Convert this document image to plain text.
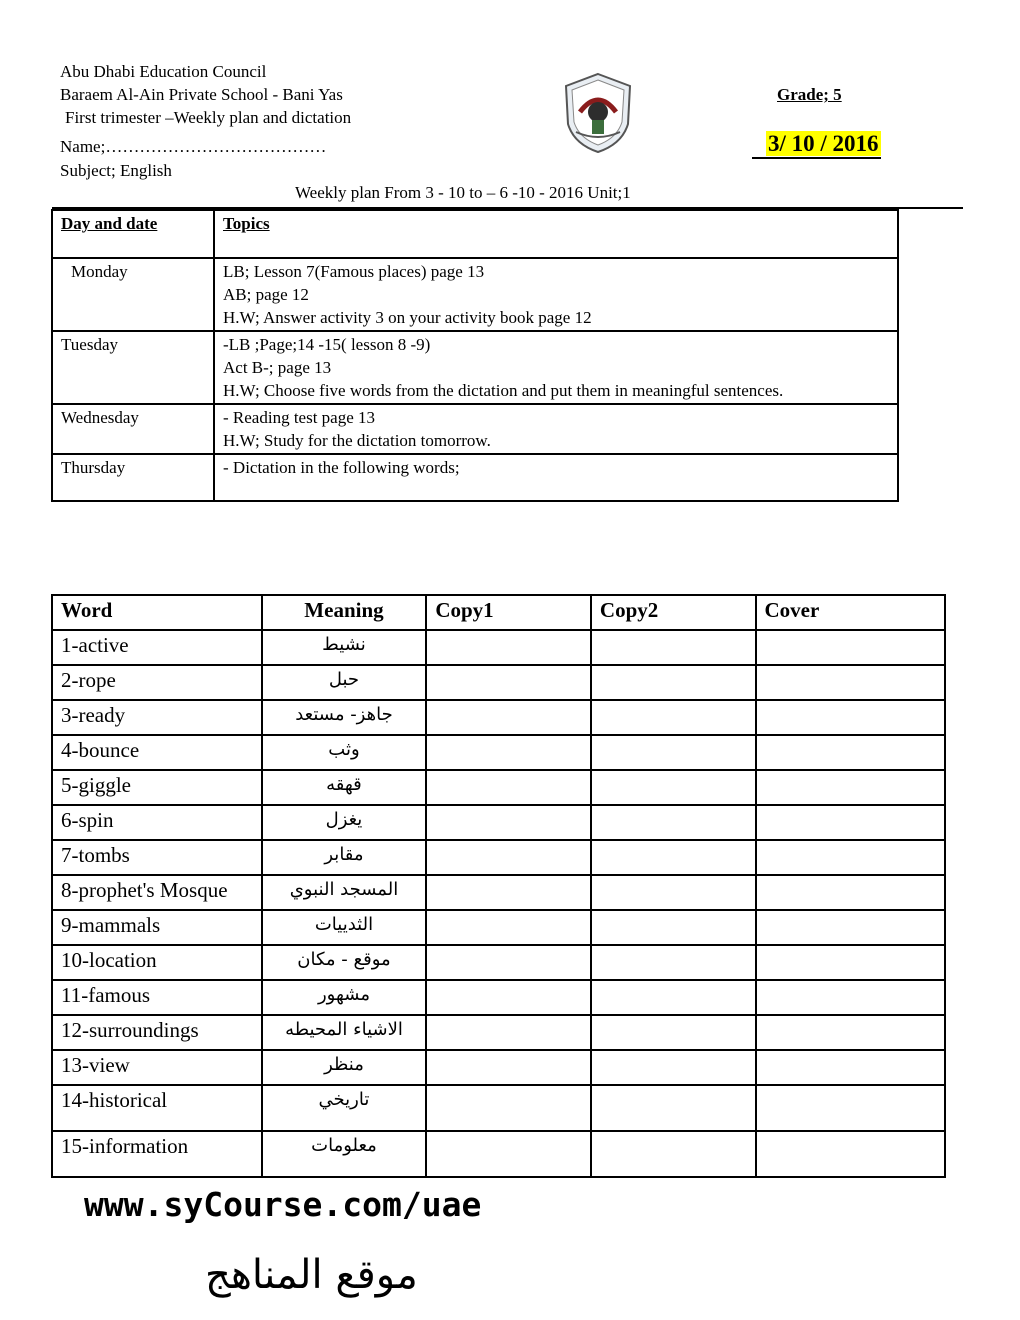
Abu Dhabi Education Council
Baraem Al-Ain Private School - Bani Yas
First trimester –Weekly plan and dictation
Name;…………………………………
Subject; English
Grade; 5
3/ 10 / 2016
Weekly plan From 3 - 10 to – 6 -10 - 2016 Unit;1
Day and date	Topics
Monday	LB; Lesson 7(Famous places) page 13
AB; page 12
H.W; Answer activity 3 on your activity book page 12

Tuesday	-LB ;Page;14 -15( lesson 8 -9)
Act B-; page 13
H.W; Choose five words from the dictation and put them in meaningful sentences.

Wednesday	- Reading test page 13
H.W; Study for the dictation tomorrow.

Thursday	- Dictation in the following words;
Word	Meaning	Copy1	Copy2	Cover
1-active	نشيط			
2-rope	حبل			
3-ready	جاهز- مستعد			
4-bounce	وثب			
5-giggle	قهقه			
6-spin	يغزل			
7-tombs	مقابر			
8-prophet's Mosque	المسجد النبوي			
9-mammals	الثدييات			
10-location	موقع - مكان			
11-famous	مشهور			
12-surroundings	الاشياء المحيطه			
13-view	منظر			
14-historical	تاريخي			
15-information	معلومات			
www.syCourse.com/uae
موقع المناهج
